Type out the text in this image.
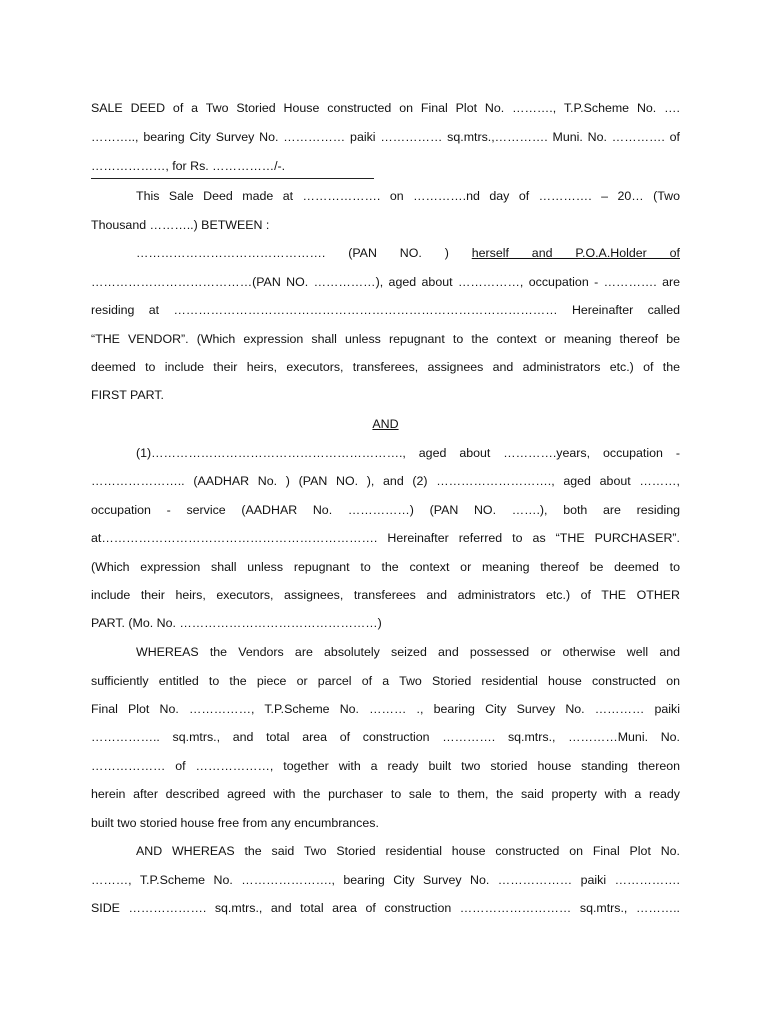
SALE DEED of a Two Storied House constructed on Final Plot No. ………., T.P.Scheme No. ….
……….., bearing City Survey No. …………… paiki …………… sq.mtrs.,…………. Muni. No. …………. of
………………, for Rs. ……………/-.
This Sale Deed made at ………………. on ………….nd day of …………. – 20… (Two
Thousand ………..) BETWEEN :
………………………………………. (PAN NO. ) herself and P.O.A.Holder of
…………………………………(PAN NO. ……………), aged about ……………, occupation - …………. are
residing at ………………………………………………………………………………… Hereinafter called
“THE VENDOR”. (Which expression shall unless repugnant to the context or meaning thereof be
deemed to include their heirs, executors, transferees, assignees and administrators etc.) of the
FIRST PART.
AND
(1)……………………………………………………., aged about ………….years, occupation -
………………….. (AADHAR No. ) (PAN NO. ), and (2) ………………………., aged about ………,
occupation - service (AADHAR No. ……………) (PAN NO. …….), both are residing
at…………………………………………………………. Hereinafter referred to as “THE PURCHASER”.
(Which expression shall unless repugnant to the context or meaning thereof be deemed to
include their heirs, executors, assignees, transferees and administrators etc.) of THE OTHER
PART. (Mo. No. …………………………………………)
WHEREAS the Vendors are absolutely seized and possessed or otherwise well and
sufficiently entitled to the piece or parcel of a Two Storied residential house constructed on
Final Plot No. ……………, T.P.Scheme No. ……… ., bearing City Survey No. ………… paiki
…………….. sq.mtrs., and total area of construction …………. sq.mtrs., …………Muni. No.
……………… of ………………, together with a ready built two storied house standing thereon
herein after described agreed with the purchaser to sale to them, the said property with a ready
built two storied house free from any encumbrances.
AND WHEREAS the said Two Storied residential house constructed on Final Plot No.
………, T.P.Scheme No. …………………., bearing City Survey No. ……………… paiki …………….
SIDE ………………. sq.mtrs., and total area of construction ……………………… sq.mtrs., ………..
